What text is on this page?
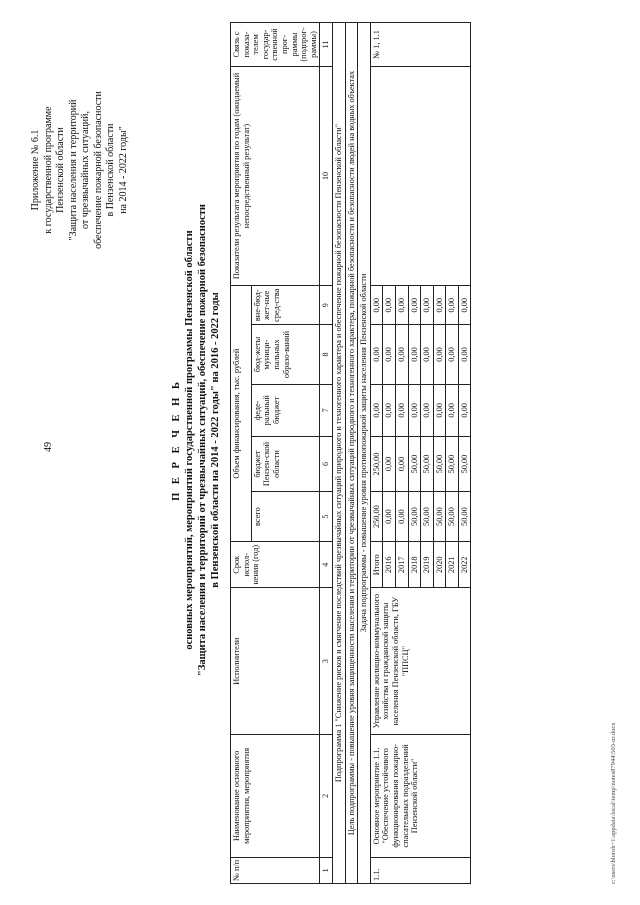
49
Приложение № 6.1 к государственной программе Пензенской области "Защита населения и территорий от чрезвычайных ситуаций, обеспечение пожарной безопасности в Пензенской области на 2014 - 2022 годы"
П Е Р Е Ч Е Н Ь основных мероприятий, мероприятий государственной программы Пензенской области "Защита населения и территорий от чрезвычайных ситуаций, обеспечение пожарной безопасности в Пензенской области на 2014 - 2022 годы" на 2016 - 2022 годы
№ п/п	Наименование основного мероприятия, мероприятия	Исполнители	Срок испол-нения (год)	Объем финансирования, тыс. рублей					Показатели результата мероприятия по годам (ожидаемый непосредственный результат)	Связь с показа-телем государ-ственной прог-раммы (подпрог-раммы)
				всего	бюджет Пензен-ской области	феде-ральный бюджет	бюд-жеты муници-пальных образо-ваний	вне-бюд-жет-ные сред-ства		
1	2	3	4	5	6	7	8	9	10	11
Подпрограмма 1 "Снижение рисков и смягчение последствий чрезвычайных ситуаций природного и техногенного характера и обеспечение пожарной безопасности Пензенской области"										
Цель подпрограммы - повышение уровня защищенности населения и территории от чрезвычайных ситуаций природного и техногенного характера, пожарной безопасности и безопасности людей на водных объектах										
Задача подпрограммы - повышение уровня противопожарной защиты населения Пензенской области										
1.1.	Основное мероприятие 1.1. "Обеспечение устойчивого функционирования пожарно-спасательных подразделений Пензенской области"	Управление жилищно-коммунального хозяйства и гражданской защиты населения Пензенской области, ГБУ "ППСЦ"	Итого	250,00	250,00	0,00	0,00	0,00		№ 1, 1.1
			2016	0,00	0,00	0,00	0,00	0,00		
			2017	0,00	0,00	0,00	0,00	0,00		
			2018	50,00	50,00	0,00	0,00	0,00		
			2019	50,00	50,00	0,00	0,00	0,00		
			2020	50,00	50,00	0,00	0,00	0,00		
			2021	50,00	50,00	0,00	0,00	0,00		
			2022	50,00	50,00	0,00	0,00	0,00		
c:\users\bloroh~1\appdata\local\temp\notes87944\503-ur.docx
